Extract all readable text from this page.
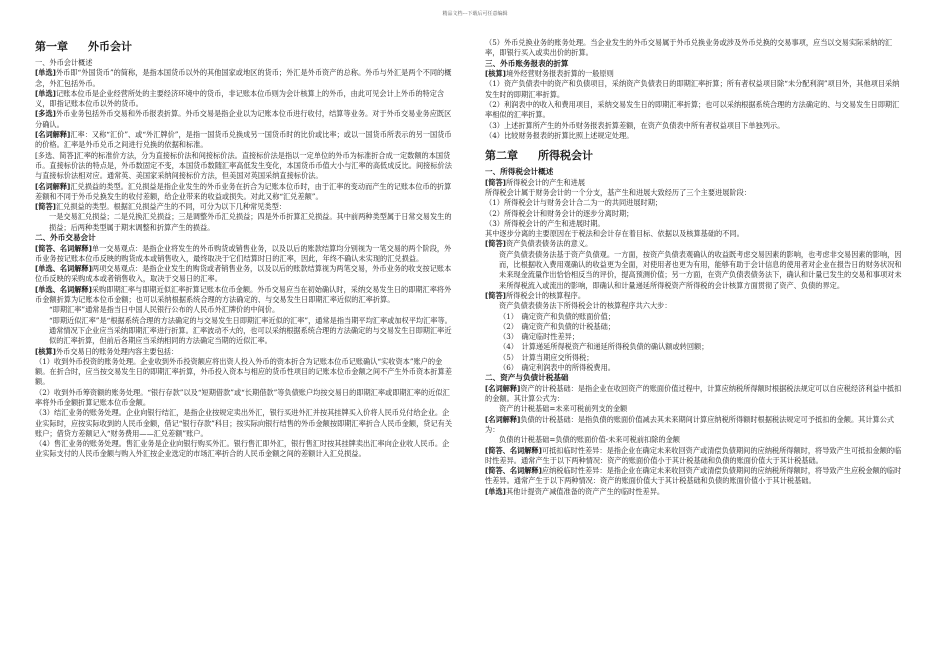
精品文档---下载后可任意编辑
第一章 外币会计
一、外币会计概述

[单选]外币即“外国货币”的简称，是指本国货币以外的其他国家或地区的货币；外汇是外币资产的总称。外币与外汇是两个不同的概念，外汇包括外币。

[单选]记账本位币是企业经营所处的主要经济环境中的货币，非记账本位币则为会计核算上的外币，由此可见会计上外币的特定含义，即指记账本位币以外的货币。

[多选]外币业务包括外币交易和外币报表折算。外币交易是指企业以为记账本位币进行收付，结算等业务。对于外币交易业务应既区分确认。

[名词解释]汇率：又称“汇价”、或“外汇牌价”，是指一国货币兑换成另一国货币时的比价或比率；或以一国货币所表示的另一国货币的价格。汇率是外币兑币之间进行兑换的依据和标准。

[多选、简答]汇率的标准价方法，分为直接标价法和间接标价法。直接标价法是指以一定单位的外币为标准折合成一定数额的本国货币。直接标价法的特点是，外币数固定不变，本国货币数随汇率高低发生变化，本国货币币值大小与汇率的高低成反比。间接标价法与直接标价法相对应。通常英、美国家采纳间接标价方法，但美国对英国采纳直接标价法。

[名词解释]汇兑损益的类型。汇兑损益是指企业发生的外币业务在折合为记账本位币时，由于汇率的变动而产生的记账本位币的折算差额和不同于外币兑换发生的收付差额，给企业带来的收益或损失。对此又称“汇兑差额”。

[简答]汇兑损益的类型。根据汇兑损益产生的不同，可分为以下几种常见类型：

一是交易汇兑损益；二是兑换汇兑损益；三是调整外币汇兑损益；四是外币折算汇兑损益。其中前两种类型属于日常交易发生的损益；后两种类型属于期末调整和折算产生的损益。

二、外币交易会计

[简答、名词解释]单一交易观点：是指企业将发生的外币购货或销售业务，以及以后的账款结算均分别视为一笔交易的两个阶段，外币业务按记账本位币反映的购货成本或销售收入，最终取决于它们结算时日的汇率，因此，年终不确认未实现的汇兑损益。

[单选、名词解释]两项交易观点：是指企业发生的购货或者销售业务，以及以后的账款结算视为两笔交易，外币业务的收支按记账本位币反映的采购成本或者销售收入，取决于交易日的汇率。

[单选、名词解释]采购即期汇率与即期近似汇率折算记账本位币金额。外币交易应当在初始确认时，采纳交易发生日的即期汇率将外币金额折算为记账本位币金额；也可以采纳根据系统合理的方法确定的、与交易发生日即期汇率近似的汇率折算。

“即期汇率”通常是指当日中国人民银行公布的人民币外汇牌价的中间价。

“即期近似汇率”是“根据系统合理的方法确定的与交易发生日即期汇率近似的汇率”，通常是指当期平均汇率或加权平均汇率等。通常情况下企业应当采纳即期汇率进行折算。汇率波动不大的，也可以采纳根据系统合理的方法确定的与交易发生日即期汇率近似的汇率折算，但前后各期应当采纳相同的方法确定当期的近似汇率。

[核算]外币交易日的账务处理内容主要包括：

（1）收到外币投资的账务处理。企业收到外币投资额应将出资人投入外币的资本折合为记账本位币记账确认“实收资本”账户的金额。在折合时，应当按交易发生日的即期汇率折算，外币投入资本与相应的货币性项目的记账本位币金额之间不产生外币资本折算差额。

（2）收到外币筹资额的账务处理。“银行存款”以及“短期借款”或“长期借款”等负债账户均按交易日的即期汇率或即期汇率的近似汇率将外币金额折算记账本位币金额。

（3）结汇业务的账务处理。企业向银行结汇，是指企业按规定卖出外汇，银行买进外汇并按其挂牌买入价将人民币兑付给企业。企业实际时，应按实际收到的人民币金额，借记“银行存款”科目；按实际向银行结售的外币金额按即期汇率折合人民币金额，贷记有关账户；借贷方差额记入“财务费用——汇兑差额”账户。

（4）售汇业务的账务处理。售汇业务是企业向银行购买外汇。银行售汇即外汇，银行售汇时按其挂牌卖出汇率向企业收人民币。企业实际支付的人民币金额与购入外汇按企业选定的市场汇率折合的人民币金额之间的差额计入汇兑损益。

（5）外币兑换业务的账务处理。当企业发生的外币交易属于外币兑换业务或涉及外币兑换的交易事项，应当以交易实际采纳的汇率，即银行买入或卖出价的折算。

三、外币账务报表的折算

[核算]境外经营财务报表折算的一般原则

（1）资产负债表中的资产和负债项目，采纳资产负债表日的即期汇率折算；所有者权益项目除“未分配利润”项目外，其他项目采纳发生时的即期汇率折算。

（2）利润表中的收入和费用项目，采纳交易发生日的即期汇率折算；也可以采纳根据系统合理的方法确定的、与交易发生日即期汇率相似的汇率折算。

（3）上述折算所产生的外币财务报表折算差额，在资产负债表中所有者权益项目下单独列示。

（4）比较财务报表的折算比照上述规定处理。

第二章 所得税会计
一、所得税会计概述

[简答]所得税会计的产生和进展

所得税会计属于财务会计的一个分支，基产生和进展大致经历了三个主要进展阶段：

（1）所得税会计与财务会计合二为一的共同进展时期；

（2）所得税会计和财务会计的逐步分离时期；

（3）所得税会计的产生和进展时期。

其中逐步分离的主要原因在于税法和会计存在着目标、依据以及核算基础的不同。

[简答]资产负债表债务法的意义。

资产负债表债务法基于资产负债观。一方面，按资产负债表观确认的收益既考虑交易因素的影响，也考虑非交易因素的影响，因而，比根据收入费用观确认的收益更为全面，对使用者也更为有用，能够有助于会计信息的使用者对企业在报告日的财务状况和未来现金流量作出恰恰相反当的评价，提高预测价值；另一方面，在资产负债表债务法下，确认和计量已发生的交易和事项对未来所得税流入或流出的影响，即确认和计量递延所得税资产所得税的会计核算方面贯彻了资产、负债的界定。

[简答]所得税会计的核算程序。

资产负债表债务法下所得税会计的核算程序共六大步：

（1）　确定资产和负债的账面价值；

（2）　确定资产和负债的计税基础；

（3）　确定临时性差异；

（4）　计算递延所得税资产和递延所得税负债的确认额或转回额；

（5）　计算当期应交所得税；

（6）　确定利润表中的所得税费用。

二、资产与负债计税基础

[名词解释]资产的计税基础：是指企业在收回资产的账面价值过程中，计算应纳税所得额时根据税法规定可以自应税经济利益中抵扣的金额。其计算公式为：

资产的计税基础=未来可税前列支的金额

[名词解释]负债的计税基础：是指负债的账面价值减去其未来期间计算应纳税所得额时根据税法规定可予抵扣的金额。其计算公式为：

负债的计税基础=负债的账面价值-未来可税前扣除的金额

[简答、名词解释]可抵扣临时性差异：是指企业在确定未来收回资产或清偿负债期间的应纳税所得额时，将导致产生可抵扣金额的临时性差异。通常产生于以下两种情况：资产的账面价值小于其计税基础和负债的账面价值大于其计税基础。

[简答、名词解释]应纳税临时性差异：是指企业在确定未来收回资产或清偿负债期间的应纳税所得额时，将导致产生应税金额的临时性差异。通常产生于以下两种情况：资产的账面价值大于其计税基础和负债的账面价值小于其计税基础。

[单选]其他计提资产减值准备的资产产生的临时性差异。
